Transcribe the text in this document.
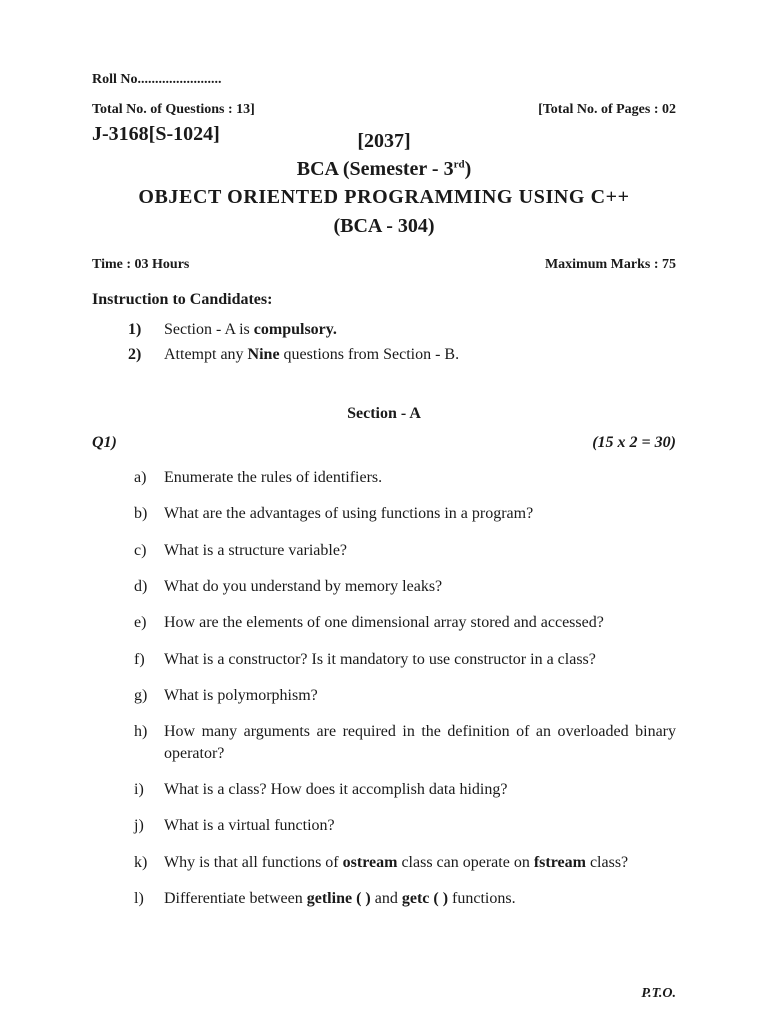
Roll No........................
Total No. of Questions : 13]	[Total No. of Pages : 02
J-3168[S-1024]	[2037]
BCA (Semester - 3rd)
OBJECT ORIENTED PROGRAMMING USING C++
(BCA - 304)
Time : 03 Hours	Maximum Marks : 75
Instruction to Candidates:
1) Section - A is compulsory.
2) Attempt any Nine questions from Section - B.
Section - A
Q1)	(15 x 2 = 30)
a)	Enumerate the rules of identifiers.
b)	What are the advantages of using functions in a program?
c)	What is a structure variable?
d)	What do you understand by memory leaks?
e)	How are the elements of one dimensional array stored and accessed?
f)	What is a constructor? Is it mandatory to use constructor in a class?
g)	What is polymorphism?
h)	How many arguments are required in the definition of an overloaded binary operator?
i)	What is a class? How does it accomplish data hiding?
j)	What is a virtual function?
k)	Why is that all functions of ostream class can operate on fstream class?
l)	Differentiate between getline ( ) and getc ( ) functions.
P.T.O.
